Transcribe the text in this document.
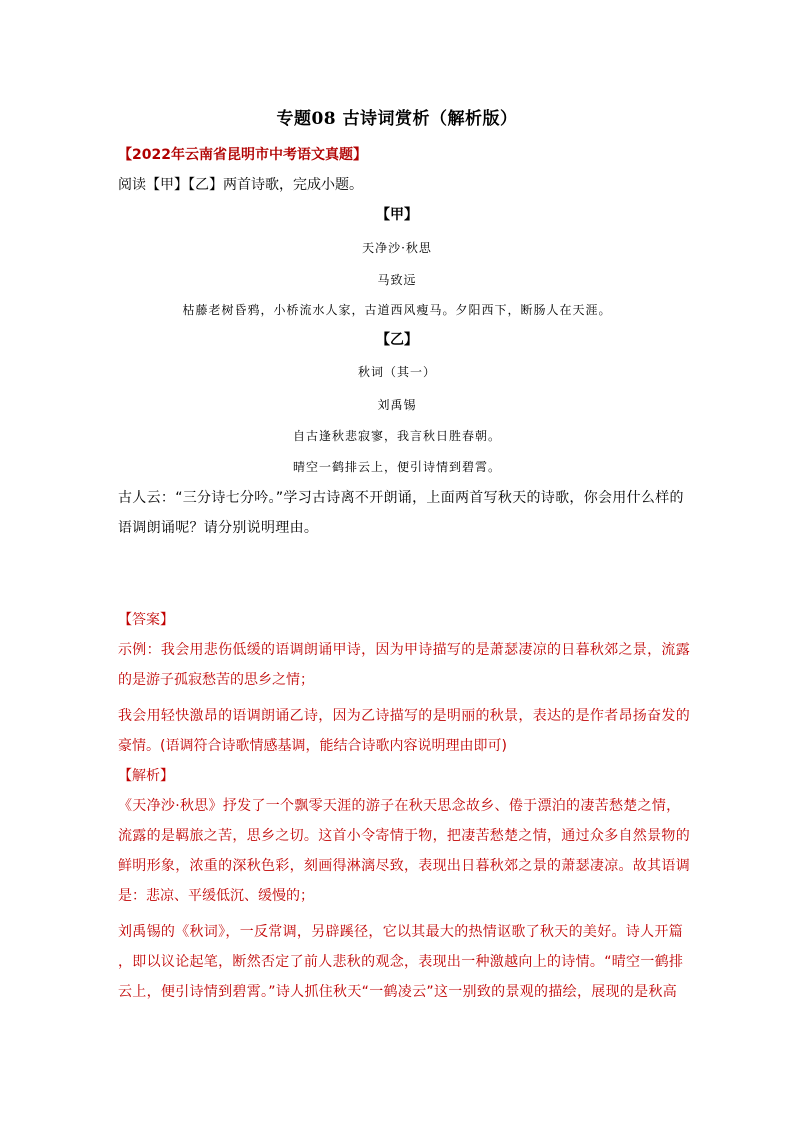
专题08 古诗词赏析（解析版）
【2022年云南省昆明市中考语文真题】
阅读【甲】【乙】两首诗歌，完成小题。
【甲】
天净沙·秋思
马致远
枯藤老树昏鸦，小桥流水人家，古道西风瘦马。夕阳西下，断肠人在天涯。
【乙】
秋词（其一）
刘禹锡
自古逢秋悲寂寥，我言秋日胜春朝。
晴空一鹤排云上，便引诗情到碧霄。
古人云：“三分诗七分吟。”学习古诗离不开朗诵，上面两首写秋天的诗歌，你会用什么样的
语调朗诵呢？请分别说明理由。
【答案】
示例：我会用悲伤低缓的语调朗诵甲诗，因为甲诗描写的是萧瑟凄凉的日暮秋郊之景，流露
的是游子孤寂愁苦的思乡之情；
我会用轻快激昂的语调朗诵乙诗，因为乙诗描写的是明丽的秋景，表达的是作者昂扬奋发的
豪情。(语调符合诗歌情感基调，能结合诗歌内容说明理由即可)
【解析】
《天净沙·秋思》抒发了一个飘零天涯的游子在秋天思念故乡、倦于漂泊的凄苦愁楚之情，
流露的是羁旅之苦，思乡之切。这首小令寄情于物，把凄苦愁楚之情，通过众多自然景物的
鲜明形象，浓重的深秋色彩，刻画得淋漓尽致，表现出日暮秋郊之景的萧瑟凄凉。故其语调
是：悲凉、平缓低沉、缓慢的；
刘禹锡的《秋词》，一反常调，另辟蹊径，它以其最大的热情讴歌了秋天的美好。诗人开篇
，即以议论起笔，断然否定了前人悲秋的观念，表现出一种激越向上的诗情。“晴空一鹤排
云上，便引诗情到碧霄。”诗人抓住秋天“一鹤凌云”这一别致的景观的描绘，展现的是秋高
